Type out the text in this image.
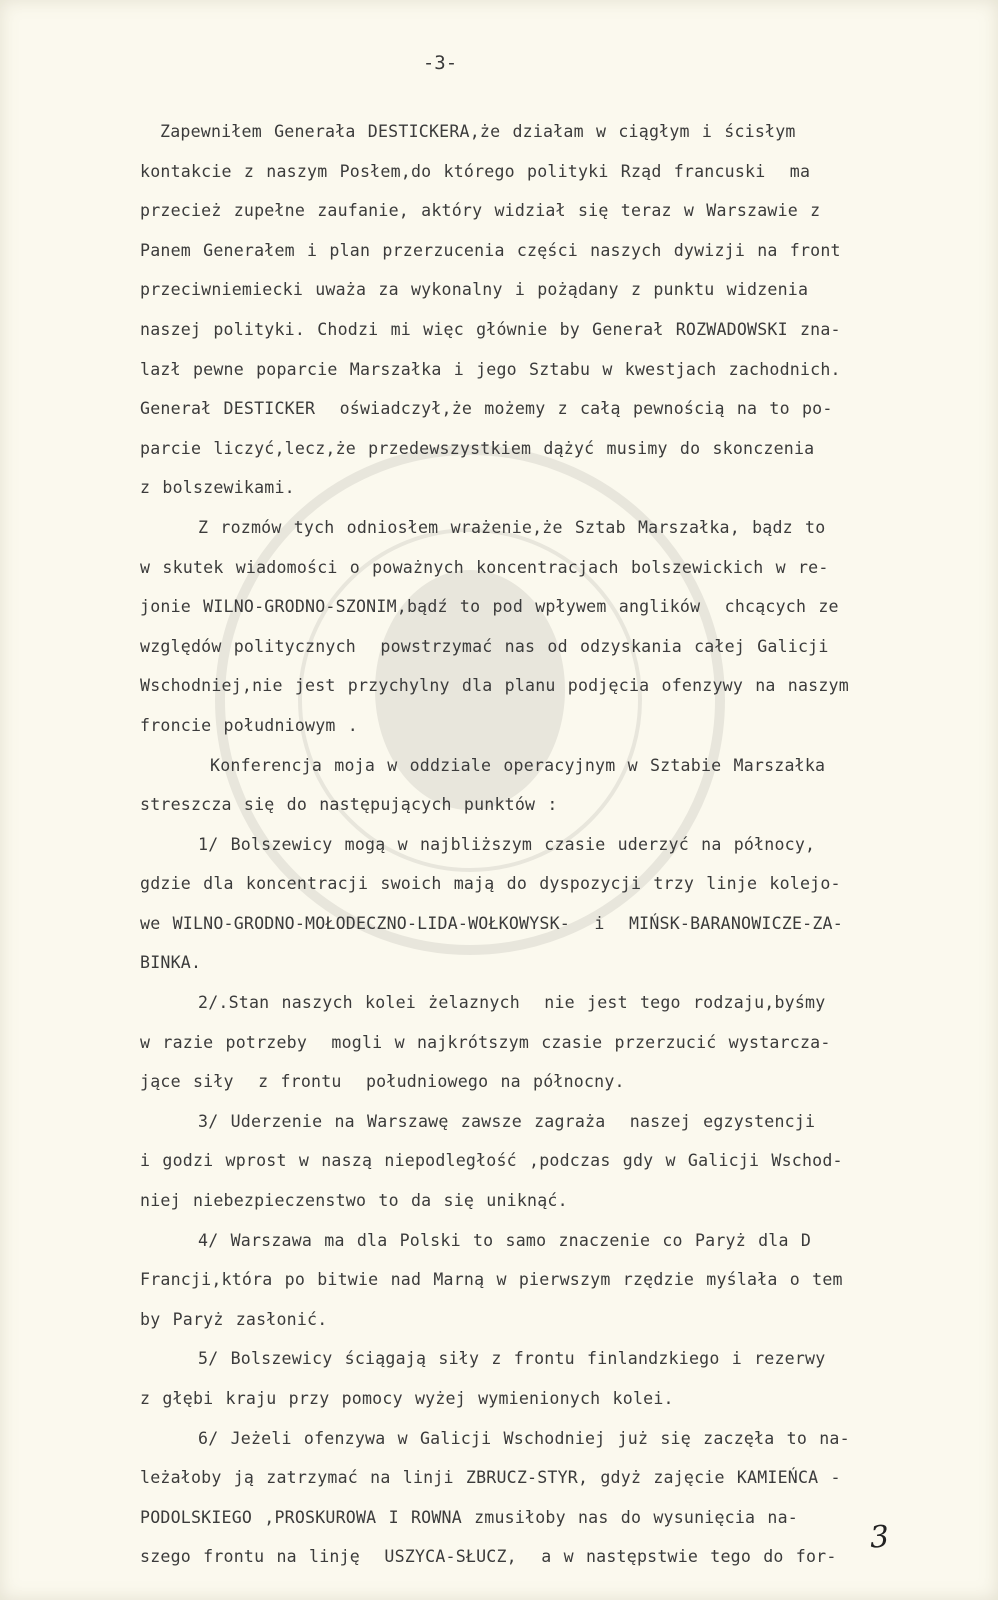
-3-
Zapewniłem Generała DESTICKERA,że działam w ciągłym i ścisłym
kontakcie z naszym Posłem,do którego polityki Rząd francuski  ma
przecież zupełne zaufanie, aktóry widział się teraz w Warszawie z
Panem Generałem i plan przerzucenia części naszych dywizji na front
przeciwniemiecki uważa za wykonalny i pożądany z punktu widzenia
naszej polityki. Chodzi mi więc głównie by Generał ROZWADOWSKI zna-
lazł pewne poparcie Marszałka i jego Sztabu w kwestjach zachodnich.
Generał DESTICKER  oświadczył,że możemy z całą pewnością na to po-
parcie liczyć,lecz,że przedewszystkiem dążyć musimy do skonczenia
z bolszewikami.
Z rozmów tych odniosłem wrażenie,że Sztab Marszałka, bądz to
w skutek wiadomości o poważnych koncentracjach bolszewickich w re-
jonie WILNO-GRODNO-SZONIM,bądź to pod wpływem anglików  chcących ze
względów politycznych  powstrzymać nas od odzyskania całej Galicji
Wschodniej,nie jest przychylny dla planu podjęcia ofenzywy na naszym
froncie południowym .
Konferencja moja w oddziale operacyjnym w Sztabie Marszałka
streszcza się do następujących punktów :
1/ Bolszewicy mogą w najbliższym czasie uderzyć na północy,
gdzie dla koncentracji swoich mają do dyspozycji trzy linje kolejo-
we WILNO-GRODNO-MOŁODECZNO-LIDA-WOŁKOWYSK-  i  MIŃSK-BARANOWICZE-ZA-
BINKA.
2/.Stan naszych kolei żelaznych  nie jest tego rodzaju,byśmy
w razie potrzeby  mogli w najkrótszym czasie przerzucić wystarcza-
jące siły  z frontu  południowego na północny.
3/ Uderzenie na Warszawę zawsze zagraża  naszej egzystencji
i godzi wprost w naszą niepodległość ,podczas gdy w Galicji Wschod-
niej niebezpieczenstwo to da się uniknąć.
4/ Warszawa ma dla Polski to samo znaczenie co Paryż dla D
Francji,która po bitwie nad Marną w pierwszym rzędzie myślała o tem
by Paryż zasłonić.
5/ Bolszewicy ściągają siły z frontu finlandzkiego i rezerwy
z głębi kraju przy pomocy wyżej wymienionych kolei.
6/ Jeżeli ofenzywa w Galicji Wschodniej już się zaczęła to na-
leżałoby ją zatrzymać na linji ZBRUCZ-STYR, gdyż zajęcie KAMIEŃCA -
PODOLSKIEGO ,PROSKUROWA I ROWNA zmusiłoby nas do wysunięcia na-
szego frontu na linję  USZYCA-SŁUCZ,  a w następstwie tego do for-
3
